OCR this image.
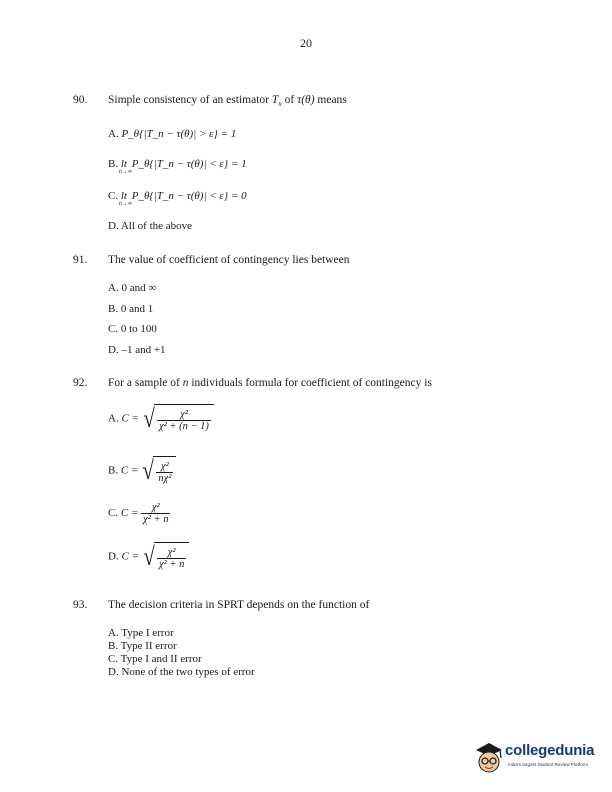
20
90. Simple consistency of an estimator $T_n$ of τ(θ) means
A. P_θ{|T_n − τ(θ)| > ε} = 1
B. lt
n→∞
P_θ{|T_n − τ(θ)| < ε} = 1
C. lt
n→∞
P_θ{|T_n − τ(θ)| < ε} = 0
D. All of the above
91. The value of coefficient of contingency lies between
A. 0 and ∞
B. 0 and 1
C. 0 to 100
D. –1 and +1
92. For a sample of n individuals formula for coefficient of contingency is
A. C = √ $\frac{\text{χ²}}{\text{χ² + (n − 1)}}$
B. C = √ $\frac{\text{χ²}}{\text{nχ²}}$
C. $C = \frac{\text{χ²}}{\text{χ² + n}}$
D. C = √ $\frac{\text{χ²}}{\text{χ² + n}}$
93. The decision criteria in SPRT depends on the function of
A. Type I error
B. Type II error
C. Type I and II error
D. None of the two types of error
collegedunia
India's largest Student Review Platform
